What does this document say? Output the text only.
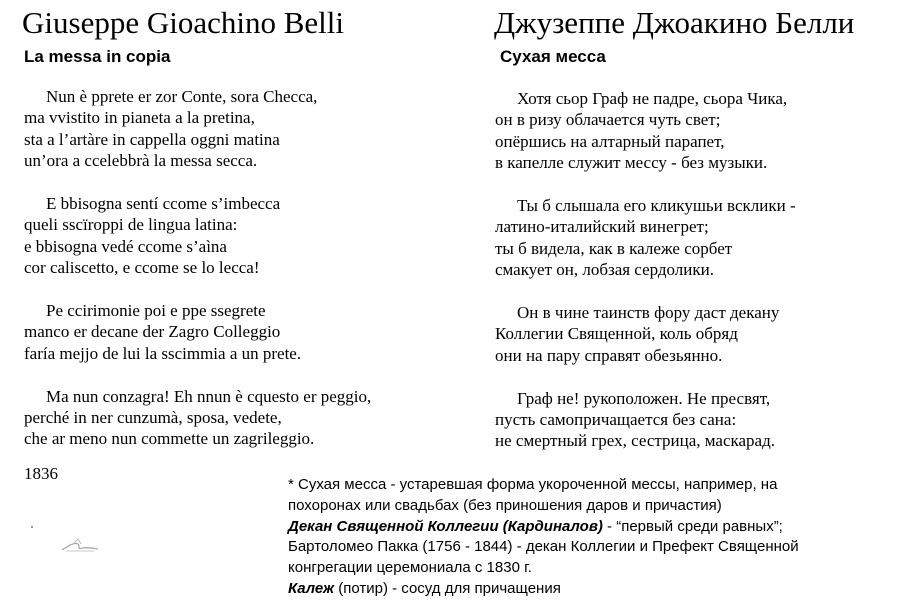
Giuseppe Gioachino Belli
La messa in copia
Nun è pprete er zor Conte, sora Checca,
ma vvistito in pianeta a la pretina,
sta a l’artàre in cappella oggni matina
un’ora a ccelebbrà la messa secca.
E bbisogna sentí ccome s’imbecca
queli sscïroppi de lingua latina:
e bbisogna vedé ccome s’aìna
cor caliscetto, e ccome se lo lecca!
Pe ccirimonie poi e ppe ssegrete
manco er decane der Zagro Colleggio
faría mejjo de lui la sscimmia a un prete.
Ma nun conzagra! Eh nnun è cquesto er peggio,
perché in ner cunzumà, sposa, vedete,
che ar meno nun commette un zagrileggio.
1836
Джузеппе Джоакино Белли
Сухая месса
Хотя сьор Граф не падре, сьора Чика,
он в ризу облачается чуть свет;
опёршись на алтарный парапет,
в капелле служит мессу - без музыки.
Ты б слышала его кликушьи всклики -
латино-италийский винегрет;
ты б видела, как в калеже сорбет
смакует он, лобзая сердолики.
Он в чине таинств фору даст декану
Коллегии Священной, коль обряд
они на пару справят обезьянно.
Граф не! рукоположен. Не пресвят,
пусть самопричащается без сана:
не смертный грех, сестрица, маскарад.
* Сухая месса - устаревшая форма укороченной мессы, например, на
похоронах или свадьбах (без приношения даров и причастия)
Декан Священной Коллегии (Кардиналов) - “первый среди равных”;
Бартоломео Пакка (1756 - 1844) - декан Коллегии и Префект Священной
конгрегации церемониала с 1830 г.
Калеж (потир) - сосуд для причащения
